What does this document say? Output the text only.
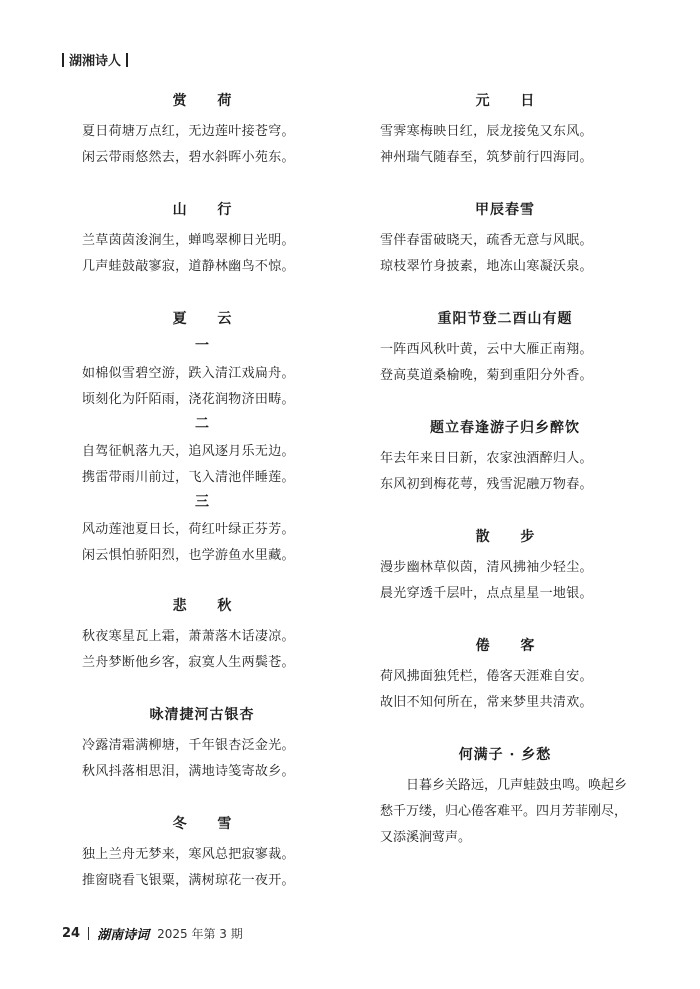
湖湘诗人
赏 荷
夏日荷塘万点红，无边莲叶接苍穹。
闲云带雨悠然去，碧水斜晖小苑东。
山 行
兰草茵茵浚涧生，蝉鸣翠柳日光明。
几声蛙鼓敲寥寂，道静林幽鸟不惊。
夏 云
一
如棉似雪碧空游，跌入清江戏扁舟。
顷刻化为阡陌雨，浇花润物济田畴。
二
自驾征帆落九天，追风逐月乐无边。
携雷带雨川前过，飞入清池伴睡莲。
三
风动莲池夏日长，荷红叶绿正芬芳。
闲云惧怕骄阳烈，也学游鱼水里藏。
悲 秋
秋夜寒星瓦上霜，萧萧落木话凄凉。
兰舟梦断他乡客，寂寞人生两鬓苍。
咏清捷河古银杏
冷露清霜满柳塘，千年银杏泛金光。
秋风抖落相思泪，满地诗笺寄故乡。
冬 雪
独上兰舟无梦来，寒风总把寂寥裁。
推窗晓看飞银粟，满树琼花一夜开。
元 日
雪霁寒梅映日红，辰龙接兔又东风。
神州瑞气随春至，筑梦前行四海同。
甲辰春雪
雪伴春雷破晓天，疏香无意与风眠。
琼枝翠竹身披素，地冻山寒凝沃泉。
重阳节登二酉山有题
一阵西风秋叶黄，云中大雁正南翔。
登高莫道桑榆晚，菊到重阳分外香。
题立春逢游子归乡醉饮
年去年来日日新，农家浊酒醉归人。
东风初到梅花萼，残雪泥融万物春。
散 步
漫步幽林草似茵，清风拂袖少轻尘。
晨光穿透千层叶，点点星星一地银。
倦 客
荷风拂面独凭栏，倦客天涯难自安。
故旧不知何所在，常来梦里共清欢。
何满子 · 乡愁

日暮乡关路远，几声蛙鼓虫鸣。唤起乡愁千万缕，归心倦客难平。四月芳菲刚尽，又添溪涧莺声。

24 湖南诗词 2025 年第 3 期
